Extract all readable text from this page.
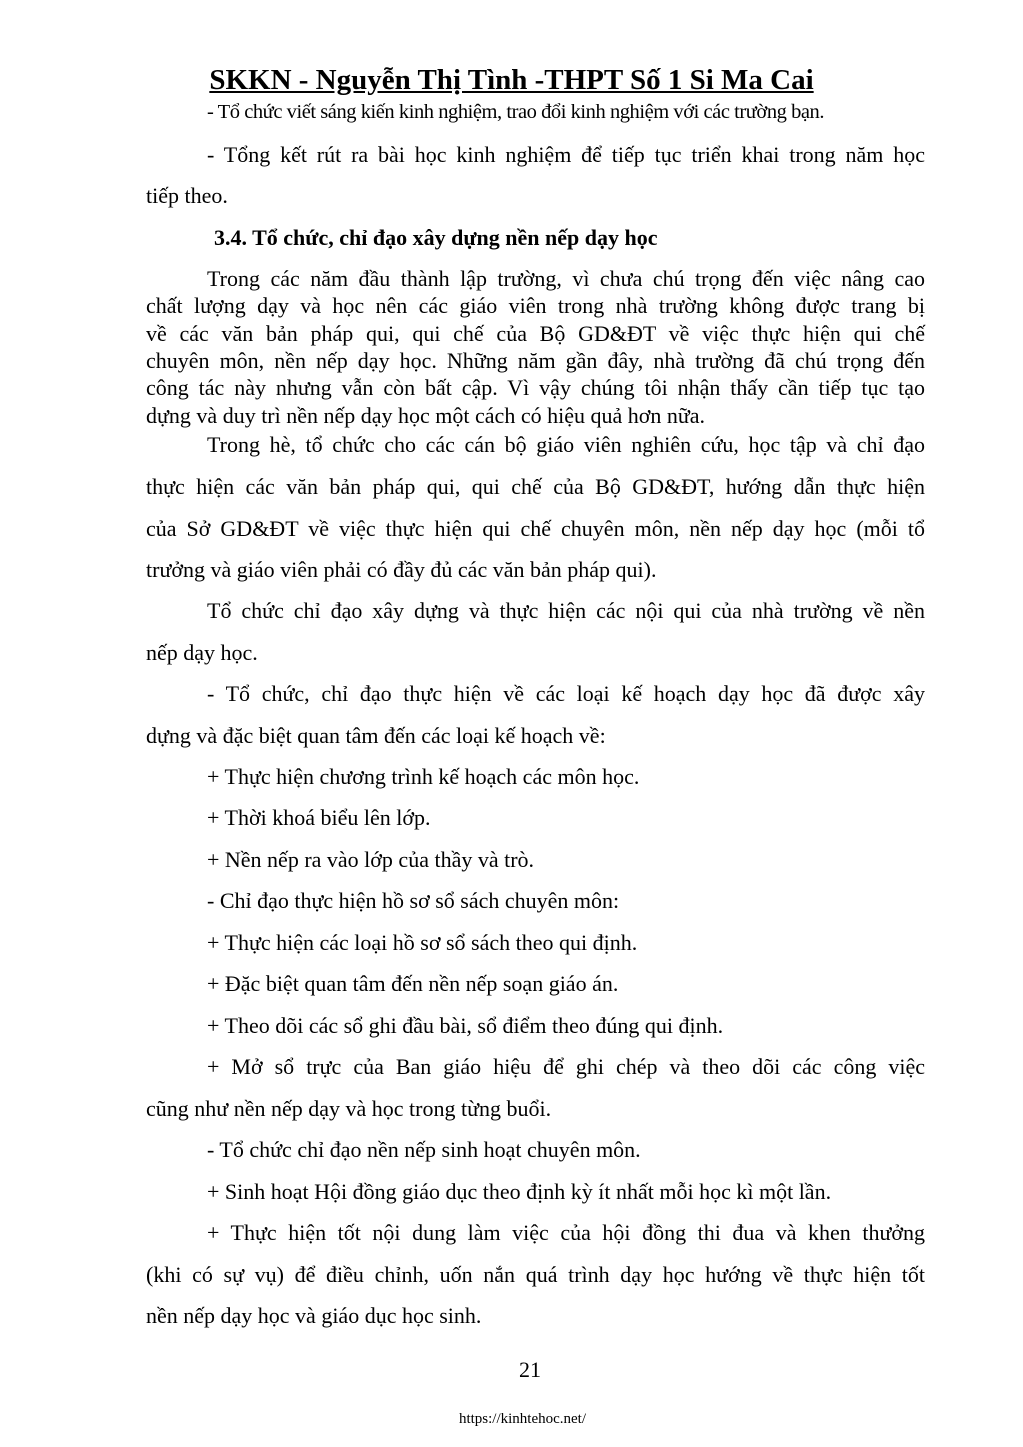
SKKN - Nguyễn Thị Tình -THPT Số 1 Si Ma Cai
- Tổ chức viết sáng kiến kinh nghiệm, trao đổi kinh nghiệm với các trường bạn.
- Tổng kết rút ra bài học kinh nghiệm để tiếp tục triển khai trong năm học
tiếp theo.
3.4. Tổ chức, chỉ đạo xây dựng nền nếp dạy học
Trong các năm đầu thành lập trường, vì chưa chú trọng đến việc nâng cao
chất lượng dạy và học nên các giáo viên trong nhà trường không được trang bị
về các văn bản pháp qui, qui chế của Bộ GD&ĐT về việc thực hiện qui chế
chuyên môn, nền nếp dạy học. Những năm gần đây, nhà trường đã chú trọng đến
công tác này nhưng vẫn còn bất cập. Vì vậy chúng tôi nhận thấy cần tiếp tục tạo
dựng và duy trì nền nếp dạy học một cách có hiệu quả hơn nữa.
Trong hè, tổ chức cho các cán bộ giáo viên nghiên cứu, học tập và chỉ đạo
thực hiện các văn bản pháp qui, qui chế của Bộ GD&ĐT, hướng dẫn thực hiện
của Sở GD&ĐT về việc thực hiện qui chế chuyên môn, nền nếp dạy học (mỗi tổ
trưởng và giáo viên phải có đầy đủ các văn bản pháp qui).
Tổ chức chỉ đạo xây dựng và thực hiện các nội qui của nhà trường về nền
nếp dạy học.
- Tổ chức, chỉ đạo thực hiện về các loại kế hoạch dạy học đã được xây
dựng và đặc biệt quan tâm đến các loại kế hoạch về:
+ Thực hiện chương trình kế hoạch các môn học.
+ Thời khoá biểu lên lớp.
+ Nền nếp ra vào lớp của thầy và trò.
- Chỉ đạo thực hiện hồ sơ sổ sách chuyên môn:
+ Thực hiện các loại hồ sơ sổ sách theo qui định.
+ Đặc biệt quan tâm đến nền nếp soạn giáo án.
+ Theo dõi các sổ ghi đầu bài, sổ điểm theo đúng qui định.
+ Mở sổ trực của Ban giáo hiệu để ghi chép và theo dõi các công việc
cũng như nền nếp dạy và học trong từng buổi.
- Tổ chức chỉ đạo nền nếp sinh hoạt chuyên môn.
+ Sinh hoạt Hội đồng giáo dục theo định kỳ ít nhất mỗi học kì một lần.
+ Thực hiện tốt nội dung làm việc của hội đồng thi đua và khen thưởng
(khi có sự vụ) để điều chỉnh, uốn nắn quá trình dạy học hướng về thực hiện tốt
nền nếp dạy học và giáo dục học sinh.
21
https://kinhtehoc.net/
